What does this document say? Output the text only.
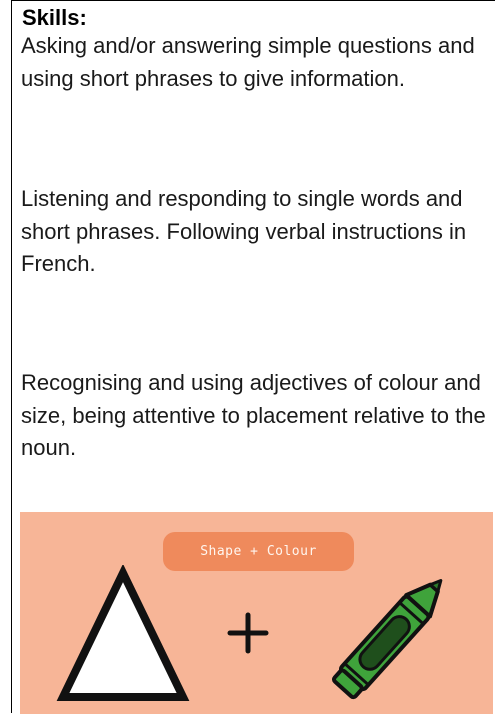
Skills:

Asking and/or answering simple questions and using short phrases to give information.

Listening and responding to single words and short phrases. Following verbal instructions in French.

Recognising and using adjectives of colour and size, being attentive to placement relative to the noun.

Shape + Colour
